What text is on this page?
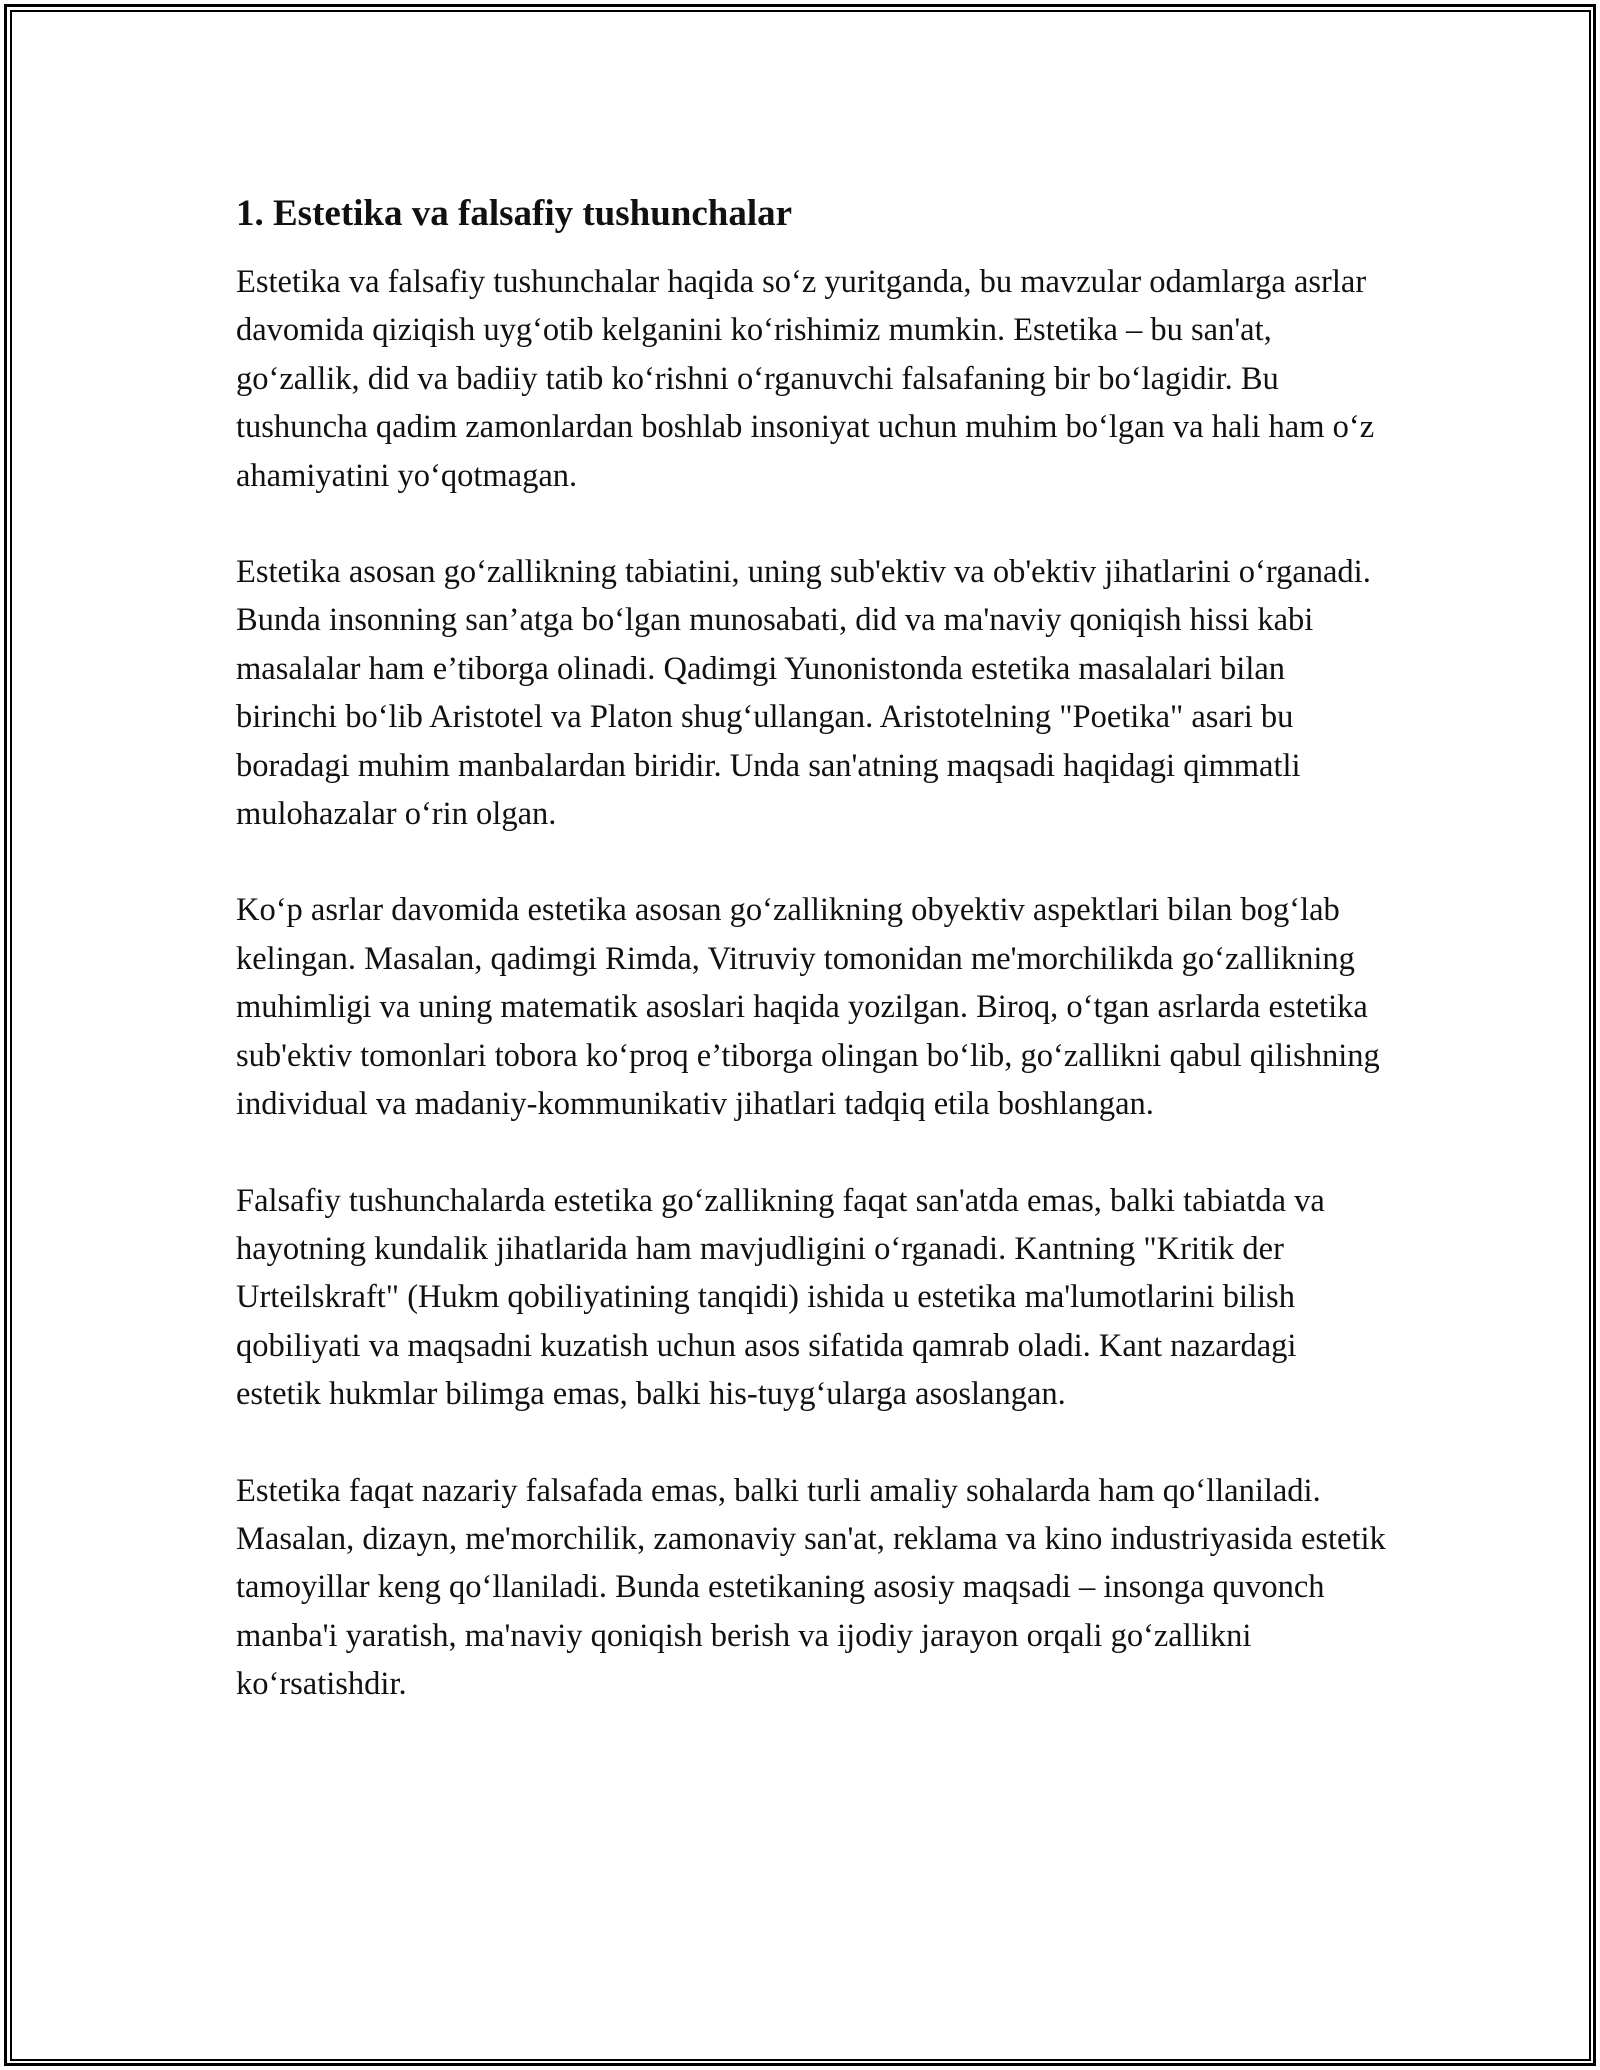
1. Estetika va falsafiy tushunchalar

Estetika va falsafiy tushunchalar haqida so‘z yuritganda, bu mavzular odamlarga asrlar davomida qiziqish uyg‘otib kelganini ko‘rishimiz mumkin. Estetika – bu san'at, go‘zallik, did va badiiy tatib ko‘rishni o‘rganuvchi falsafaning bir bo‘lagidir. Bu tushuncha qadim zamonlardan boshlab insoniyat uchun muhim bo‘lgan va hali ham o‘z ahamiyatini yo‘qotmagan.

Estetika asosan go‘zallikning tabiatini, uning sub'ektiv va ob'ektiv jihatlarini o‘rganadi. Bunda insonning san’atga bo‘lgan munosabati, did va ma'naviy qoniqish hissi kabi masalalar ham e’tiborga olinadi. Qadimgi Yunonistonda estetika masalalari bilan birinchi bo‘lib Aristotel va Platon shug‘ullangan. Aristotelning "Poetika" asari bu boradagi muhim manbalardan biridir. Unda san'atning maqsadi haqidagi qimmatli mulohazalar o‘rin olgan.

Ko‘p asrlar davomida estetika asosan go‘zallikning obyektiv aspektlari bilan bog‘lab kelingan. Masalan, qadimgi Rimda, Vitruviy tomonidan me'morchilikda go‘zallikning muhimligi va uning matematik asoslari haqida yozilgan. Biroq, o‘tgan asrlarda estetika sub'ektiv tomonlari tobora ko‘proq e’tiborga olingan bo‘lib, go‘zallikni qabul qilishning individual va madaniy-kommunikativ jihatlari tadqiq etila boshlangan.

Falsafiy tushunchalarda estetika go‘zallikning faqat san'atda emas, balki tabiatda va hayotning kundalik jihatlarida ham mavjudligini o‘rganadi. Kantning "Kritik der Urteilskraft" (Hukm qobiliyatining tanqidi) ishida u estetika ma'lumotlarini bilish qobiliyati va maqsadni kuzatish uchun asos sifatida qamrab oladi. Kant nazardagi estetik hukmlar bilimga emas, balki his-tuyg‘ularga asoslangan.

Estetika faqat nazariy falsafada emas, balki turli amaliy sohalarda ham qo‘llaniladi. Masalan, dizayn, me'morchilik, zamonaviy san'at, reklama va kino industriyasida estetik tamoyillar keng qo‘llaniladi. Bunda estetikaning asosiy maqsadi – insonga quvonch manba'i yaratish, ma'naviy qoniqish berish va ijodiy jarayon orqali go‘zallikni ko‘rsatishdir.
